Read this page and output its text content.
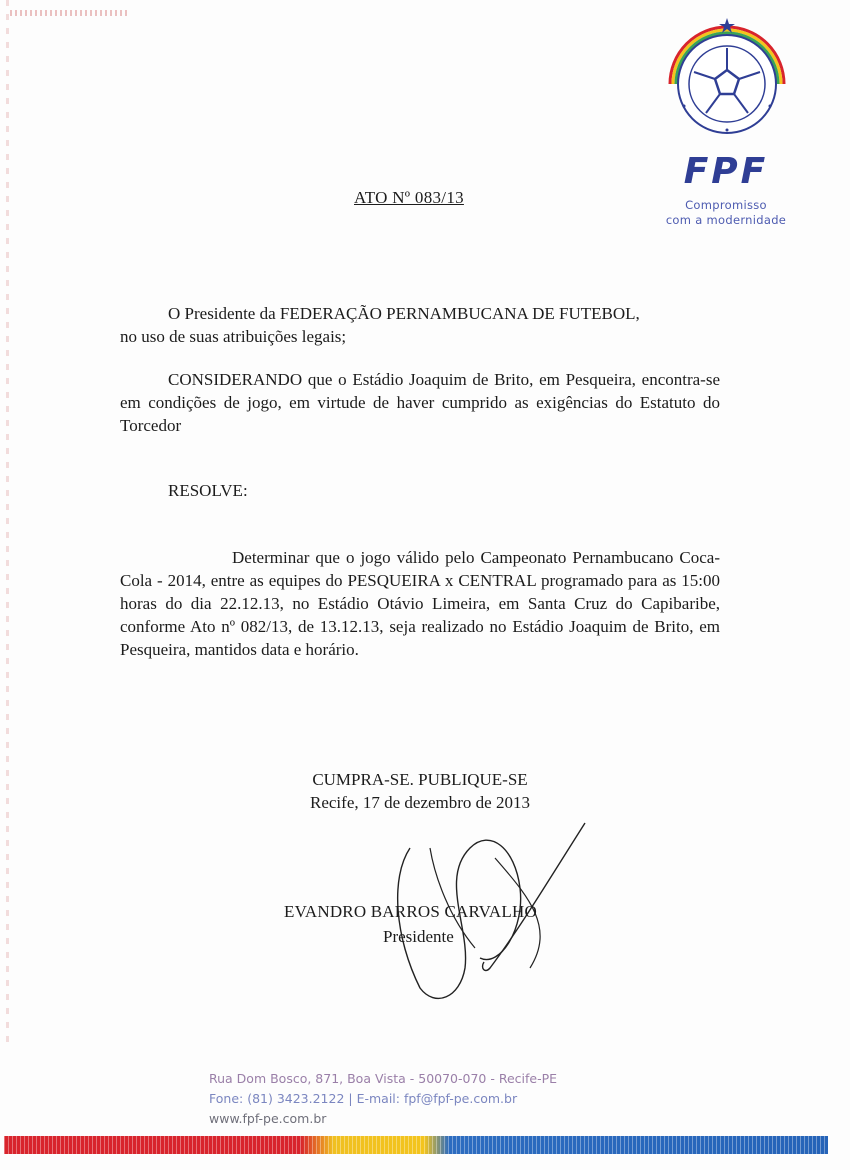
FPF
Compromisso
com a modernidade
ATO Nº 083/13
O Presidente da FEDERAÇÃO PERNAMBUCANA DE FUTEBOL,
no uso de suas atribuições legais;
CONSIDERANDO que o Estádio Joaquim de Brito, em Pesqueira, encontra-se em condições de jogo, em virtude de haver cumprido as exigências do Estatuto do Torcedor
RESOLVE:
Determinar que o jogo válido pelo Campeonato Pernambucano Coca-Cola - 2014, entre as equipes do PESQUEIRA x CENTRAL programado para as 15:00 horas do dia 22.12.13, no Estádio Otávio Limeira, em Santa Cruz do Capibaribe, conforme Ato nº 082/13, de 13.12.13, seja realizado no Estádio Joaquim de Brito, em Pesqueira, mantidos data e horário.
CUMPRA-SE. PUBLIQUE-SE
Recife, 17 de dezembro de 2013
EVANDRO BARROS CARVALHO
Presidente
Rua Dom Bosco, 871, Boa Vista - 50070-070 - Recife-PE
Fone: (81) 3423.2122 | E-mail: fpf@fpf-pe.com.br
www.fpf-pe.com.br
